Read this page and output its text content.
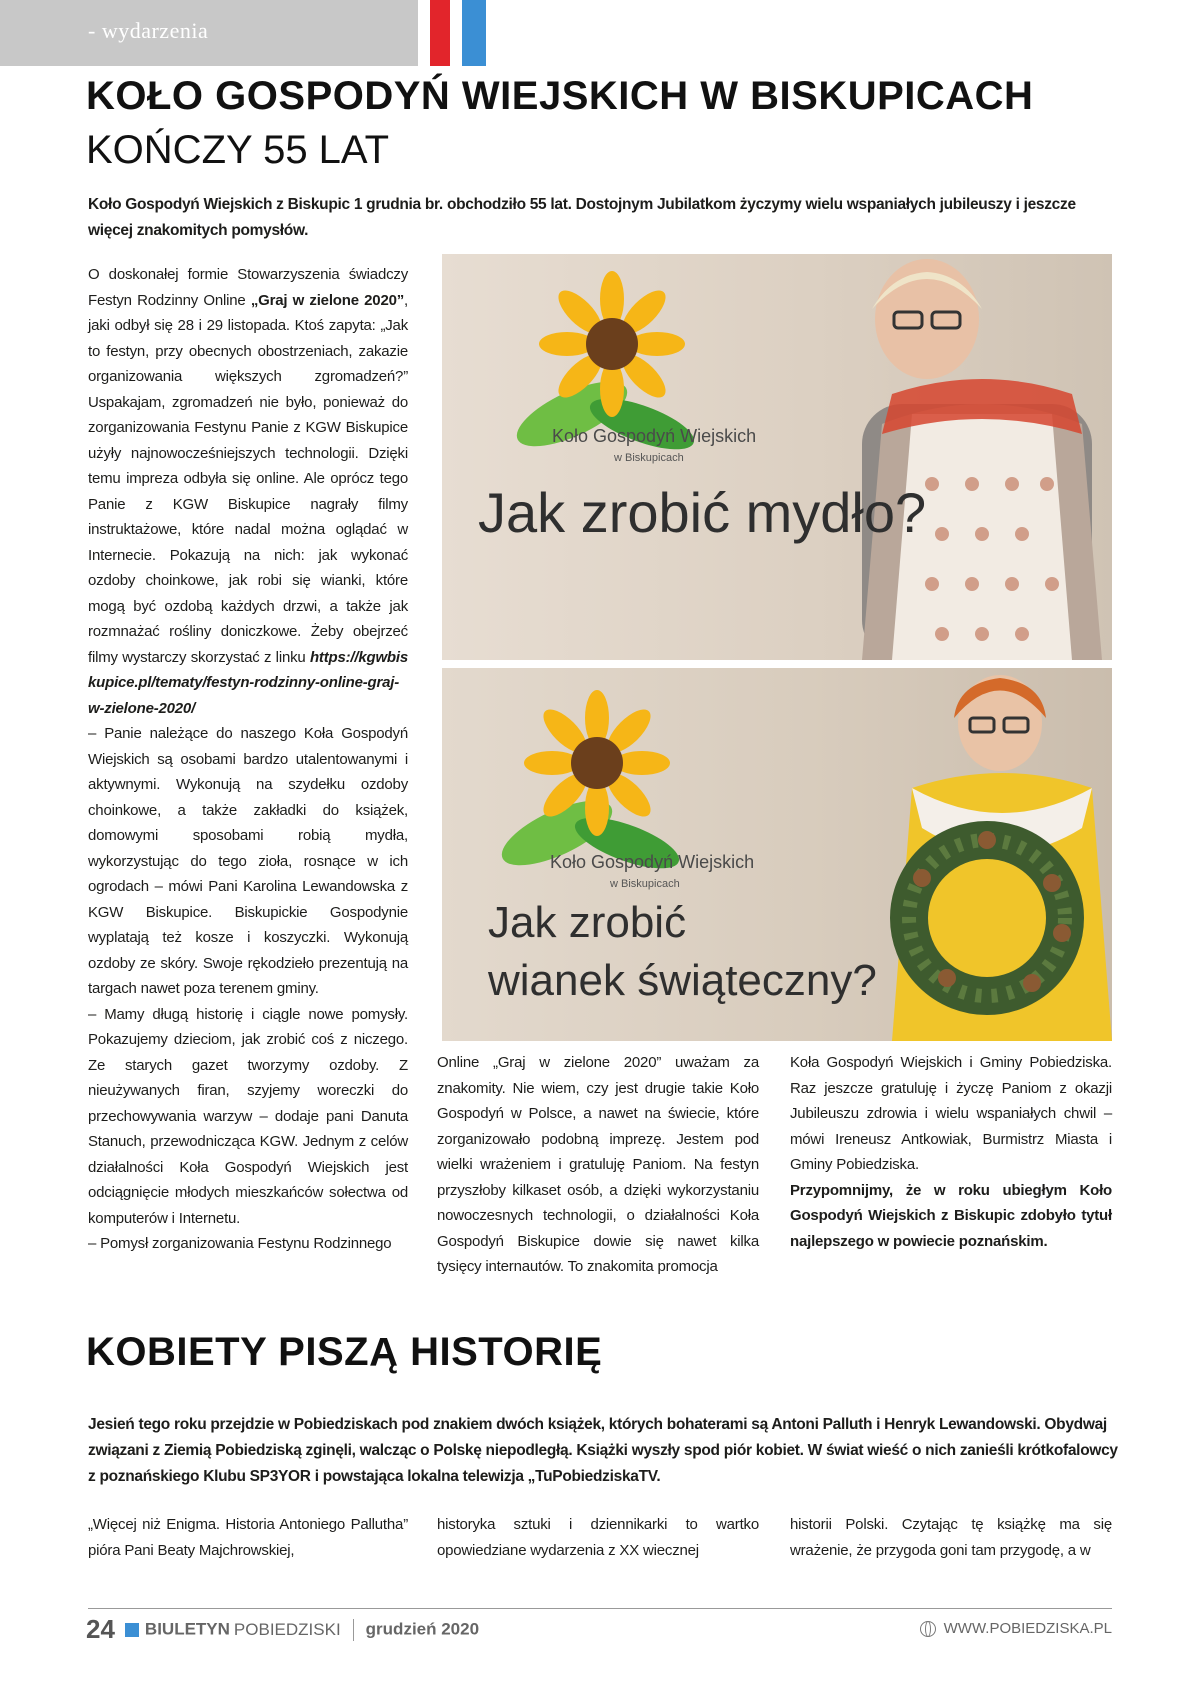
- wydarzenia
KOŁO GOSPODYŃ WIEJSKICH W BISKUPICACH
KOŃCZY 55 LAT
Koło Gospodyń Wiejskich z Biskupic 1 grudnia br. obchodziło 55 lat. Dostojnym Jubilatkom życzymy wielu wspaniałych jubileuszy i jeszcze więcej znakomitych pomysłów.

O doskonałej formie Stowarzyszenia świadczy Festyn Rodzinny Online „Graj w zielone 2020”, jaki odbył się 28 i 29 listopada. Ktoś zapyta: „Jak to festyn, przy obecnych obostrzeniach, zakazie organizowania większych zgromadzeń?” Uspakajam, zgromadzeń nie było, ponieważ do zorganizowania Festynu Panie z KGW Biskupice użyły najnowocześniejszych technologii. Dzięki temu impreza odbyła się online. Ale oprócz tego Panie z KGW Biskupice nagrały filmy instruktażowe, które nadal można oglądać w Internecie. Pokazują na nich: jak wykonać ozdoby choinkowe, jak robi się wianki, które mogą być ozdobą każdych drzwi, a także jak rozmnażać rośliny doniczkowe. Żeby obejrzeć filmy wystarczy skorzystać z linku https://kgwbiskupice.pl/tematy/festyn-rodzinny-online-graj-w-zielone-2020/

– Panie należące do naszego Koła Gospodyń Wiejskich są osobami bardzo utalentowanymi i aktywnymi. Wykonują na szydełku ozdoby choinkowe, a także zakładki do książek, domowymi sposobami robią mydła, wykorzystując do tego zioła, rosnące w ich ogrodach – mówi Pani Karolina Lewandowska z KGW Biskupice. Biskupickie Gospodynie wyplatają też kosze i koszyczki. Wykonują ozdoby ze skóry. Swoje rękodzieło prezentują na targach nawet poza terenem gminy.

– Mamy długą historię i ciągle nowe pomysły. Pokazujemy dzieciom, jak zrobić coś z niczego. Ze starych gazet tworzymy ozdoby. Z nieużywanych firan, szyjemy woreczki do przechowywania warzyw – dodaje pani Danuta Stanuch, przewodnicząca KGW. Jednym z celów działalności Koła Gospodyń Wiejskich jest odciągnięcie młodych mieszkańców sołectwa od komputerów i Internetu.

– Pomysł zorganizowania Festynu Rodzinnego

Koło Gospodyń Wiejskich
w Biskupicach
Jak zrobić mydło?
Koło Gospodyń Wiejskich
w Biskupicach
Jak zrobić
wianek świąteczny?

Online „Graj w zielone 2020” uważam za znakomity. Nie wiem, czy jest drugie takie Koło Gospodyń w Polsce, a nawet na świecie, które zorganizowało podobną imprezę. Jestem pod wielki wrażeniem i gratuluję Paniom. Na festyn przyszłoby kilkaset osób, a dzięki wykorzystaniu nowoczesnych technologii, o działalności Koła Gospodyń Biskupice dowie się nawet kilka tysięcy internautów. To znakomita promocja

Koła Gospodyń Wiejskich i Gminy Pobiedziska. Raz jeszcze gratuluję i życzę Paniom z okazji Jubileuszu zdrowia i wielu wspaniałych chwil – mówi Ireneusz Antkowiak, Burmistrz Miasta i Gminy Pobiedziska.

Przypomnijmy, że w roku ubiegłym Koło Gospodyń Wiejskich z Biskupic zdobyło tytuł najlepszego w powiecie poznańskim.

KOBIETY PISZĄ HISTORIĘ
Jesień tego roku przejdzie w Pobiedziskach pod znakiem dwóch książek, których bohaterami są Antoni Palluth i Henryk Lewandowski. Obydwaj związani z Ziemią Pobiedziską zginęli, walcząc o Polskę niepodległą. Książki wyszły spod piór kobiet. W świat wieść o nich zanieśli krótkofalowcy z poznańskiego Klubu SP3YOR i powstająca lokalna telewizja „TuPobiedziskaTV.

„Więcej niż Enigma. Historia Antoniego Pallutha” pióra Pani Beaty Majchrowskiej,

historyka sztuki i dziennikarki to wartko opowiedziane wydarzenia z XX wiecznej

historii Polski. Czytając tę książkę ma się wrażenie, że przygoda goni tam przygodę, a w

24 BIULETYN POBIEDZISKI grudzień 2020	WWW.POBIEDZISKA.PL
